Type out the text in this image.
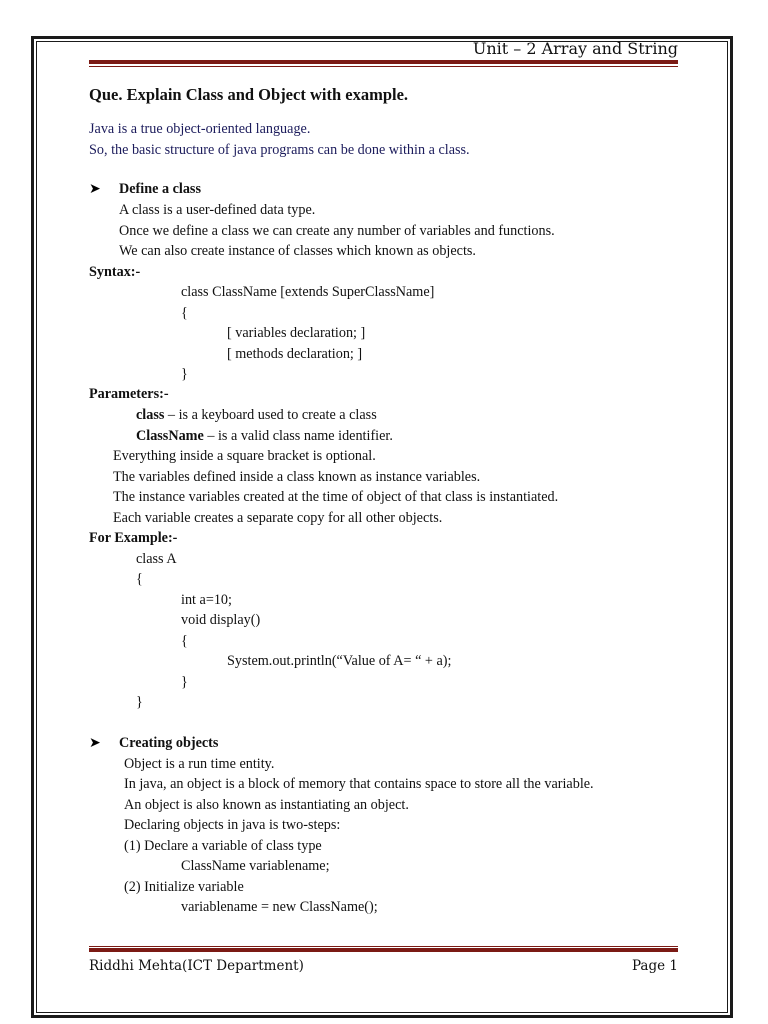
Unit – 2 Array and String
Que. Explain Class and Object with example.
Java is a true object-oriented language.
So, the basic structure of java programs can be done within a class.
➤ Define a class
A class is a user-defined data type.
Once we define a class we can create any number of variables and functions.
We can also create instance of classes which known as objects.
Syntax:-
class ClassName [extends SuperClassName]
{
[ variables declaration; ]
[ methods declaration; ]
}
Parameters:-
class – is a keyboard used to create a class
ClassName – is a valid class name identifier.
Everything inside a square bracket is optional.
The variables defined inside a class known as instance variables.
The instance variables created at the time of object of that class is instantiated.
Each variable creates a separate copy for all other objects.
For Example:-
class A
{
int a=10;
void display()
{
System.out.println(“Value of A= “ + a);
}
}
➤ Creating objects
Object is a run time entity.
In java, an object is a block of memory that contains space to store all the variable.
An object is also known as instantiating an object.
Declaring objects in java is two-steps:
(1) Declare a variable of class type
ClassName variablename;
(2) Initialize variable
variablename = new ClassName();
Riddhi Mehta(ICT Department)	Page 1
